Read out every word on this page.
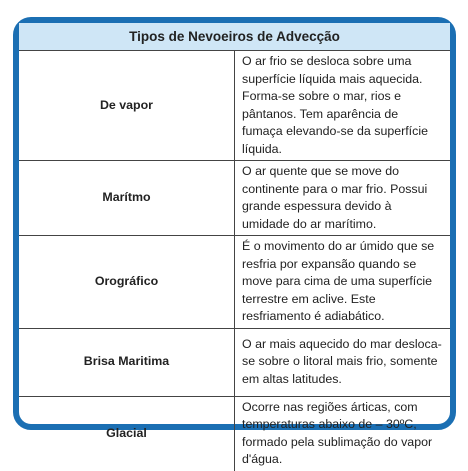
Tipos de Nevoeiros de Advecção	
De vapor	O ar frio se desloca sobre uma superfície líquida mais aquecida. Forma-se sobre o mar, rios e pântanos. Tem aparência de fumaça elevando-se da superfície líquida.
Marítmo	O ar quente que se move do continente para o mar frio. Possui grande espessura devido à umidade do ar marítimo.
Orográfico	É o movimento do ar úmido que se resfria por expansão quando se move para cima de uma superfície terrestre em aclive. Este resfriamento é adiabático.
Brisa Maritima	O ar mais aquecido do mar desloca-se sobre o litoral mais frio, somente em altas latitudes.
Glacial	Ocorre nas regiões árticas, com temperaturas abaixo de – 30ºC, formado pela sublimação do vapor d'água.
